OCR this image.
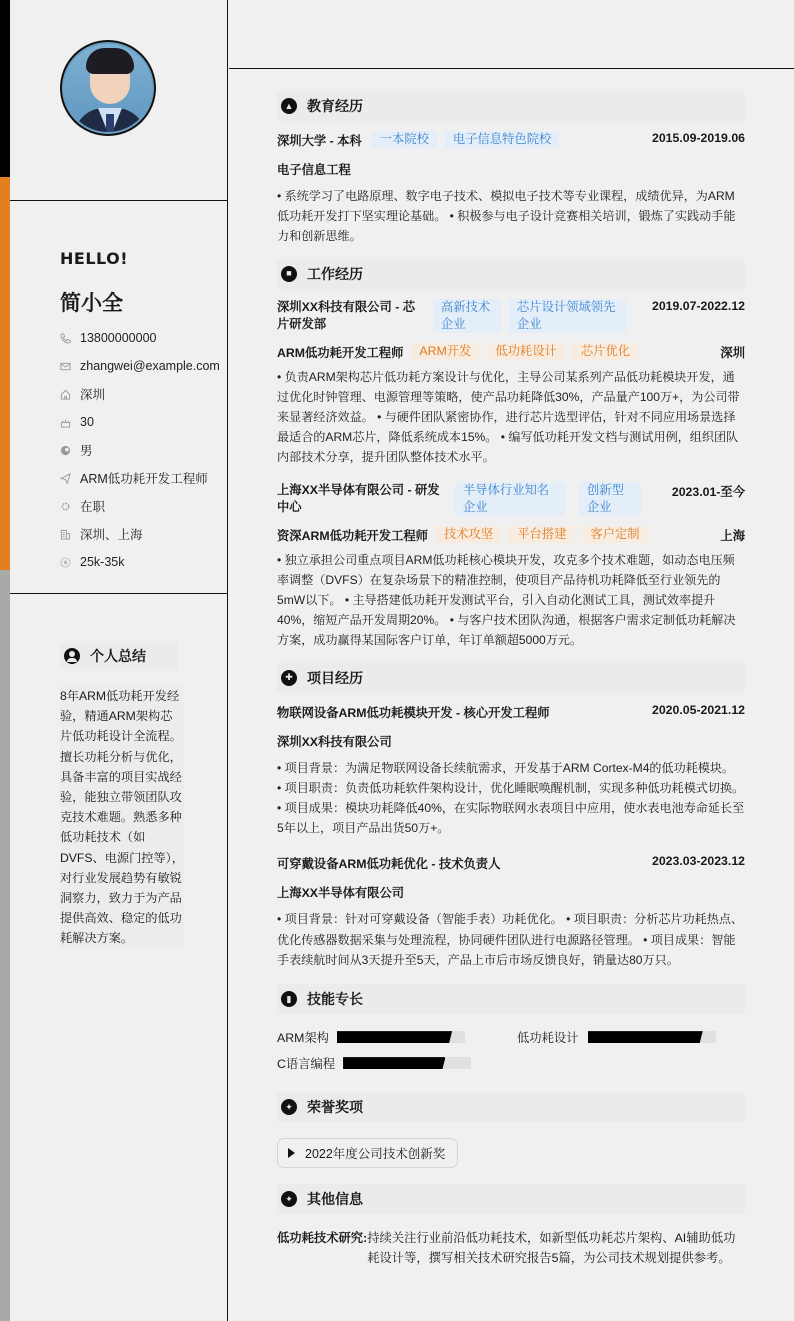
HELLO!
简小全
13800000000
zhangwei@example.com
深圳
30
男
ARM低功耗开发工程师
在职
深圳、上海
25k-35k
个人总结
8年ARM低功耗开发经验，精通ARM架构芯片低功耗设计全流程。擅长功耗分析与优化，具备丰富的项目实战经验，能独立带领团队攻克技术难题。熟悉多种低功耗技术（如DVFS、电源门控等），对行业发展趋势有敏锐洞察力，致力于为产品提供高效、稳定的低功耗解决方案。
▲ 教育经历
深圳大学 - 本科	一本院校	电子信息特色院校	2015.09-2019.06
电子信息工程
• 系统学习了电路原理、数字电子技术、模拟电子技术等专业课程，成绩优异，为ARM低功耗开发打下坚实理论基础。 • 积极参与电子设计竞赛相关培训，锻炼了实践动手能力和创新思维。
■	工作经历
深圳XX科技有限公司 - 芯片研发部
高新技术企业
芯片设计领域领先企业
2019.07-2022.12
ARM低功耗开发工程师	ARM开发	低功耗设计	芯片优化	深圳
• 负责ARM架构芯片低功耗方案设计与优化，主导公司某系列产品低功耗模块开发，通过优化时钟管理、电源管理等策略，使产品功耗降低30%，产品量产100万+，为公司带来显著经济效益。 • 与硬件团队紧密协作，进行芯片选型评估，针对不同应用场景选择最适合的ARM芯片，降低系统成本15%。 • 编写低功耗开发文档与测试用例，组织团队内部技术分享，提升团队整体技术水平。
上海XX半导体有限公司 - 研发中心
半导体行业知名企业
创新型企业
2023.01-至今
资深ARM低功耗开发工程师	技术攻坚	平台搭建	客户定制	上海
• 独立承担公司重点项目ARM低功耗核心模块开发，攻克多个技术难题，如动态电压频率调整（DVFS）在复杂场景下的精准控制，使项目产品待机功耗降低至行业领先的5mW以下。 • 主导搭建低功耗开发测试平台，引入自动化测试工具，测试效率提升40%，缩短产品开发周期20%。 • 与客户技术团队沟通，根据客户需求定制低功耗解决方案，成功赢得某国际客户订单，年订单额超5000万元。
✚	项目经历
物联网设备ARM低功耗模块开发 - 核心开发工程师	2020.05-2021.12
深圳XX科技有限公司
• 项目背景：为满足物联网设备长续航需求，开发基于ARM Cortex-M4的低功耗模块。
• 项目职责：负责低功耗软件架构设计，优化睡眠唤醒机制，实现多种低功耗模式切换。
• 项目成果：模块功耗降低40%，在实际物联网水表项目中应用，使水表电池寿命延长至5年以上，项目产品出货50万+。
可穿戴设备ARM低功耗优化 - 技术负责人	2023.03-2023.12
上海XX半导体有限公司
• 项目背景：针对可穿戴设备（智能手表）功耗优化。 • 项目职责：分析芯片功耗热点、优化传感器数据采集与处理流程，协同硬件团队进行电源路径管理。 • 项目成果：智能手表续航时间从3天提升至5天，产品上市后市场反馈良好，销量达80万只。
▮	技能专长
ARM架构	低功耗设计
C语言编程
✦	荣誉奖项
2022年度公司技术创新奖
✦	其他信息
低功耗技术研究: 持续关注行业前沿低功耗技术，如新型低功耗芯片架构、AI辅助低功耗设计等，撰写相关技术研究报告5篇，为公司技术规划提供参考。
